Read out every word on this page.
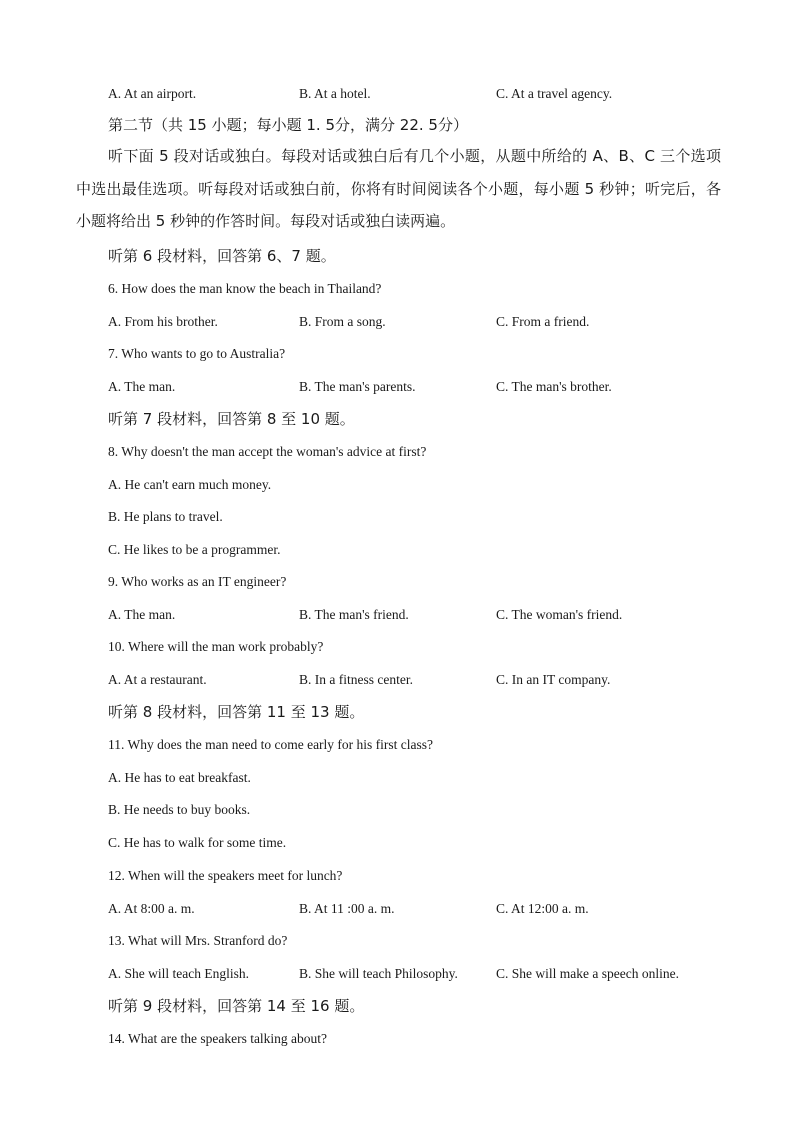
A. At an airport.	B. At a hotel.	C. At a travel agency.
第二节（共 15 小题；每小题 1. 5分，满分 22. 5分）
听下面 5 段对话或独白。每段对话或独白后有几个小题，从题中所给的 A、B、C 三个选项中选出最佳选项。听每段对话或独白前，你将有时间阅读各个小题，每小题 5 秒钟；听完后，各小题将给出 5 秒钟的作答时间。每段对话或独白读两遍。
听第 6 段材料，回答第 6、7 题。
6. How does the man know the beach in Thailand?
A. From his brother.	B. From a song.	C. From a friend.
7. Who wants to go to Australia?
A. The man.	B. The man's parents.	C. The man's brother.
听第 7 段材料，回答第 8 至 10 题。
8. Why doesn't the man accept the woman's advice at first?
A. He can't earn much money.
B. He plans to travel.
C. He likes to be a programmer.
9. Who works as an IT engineer?
A. The man.	B. The man's friend.	C. The woman's friend.
10. Where will the man work probably?
A. At a restaurant.	B. In a fitness center.	C. In an IT company.
听第 8 段材料，回答第 11 至 13 题。
11. Why does the man need to come early for his first class?
A. He has to eat breakfast.
B. He needs to buy books.
C. He has to walk for some time.
12. When will the speakers meet for lunch?
A. At 8:00 a. m.	B. At 11 :00 a. m.	C. At 12:00 a. m.
13. What will Mrs. Stranford do?
A. She will teach English.	B. She will teach Philosophy.	C. She will make a speech online.
听第 9 段材料，回答第 14 至 16 题。
14. What are the speakers talking about?
